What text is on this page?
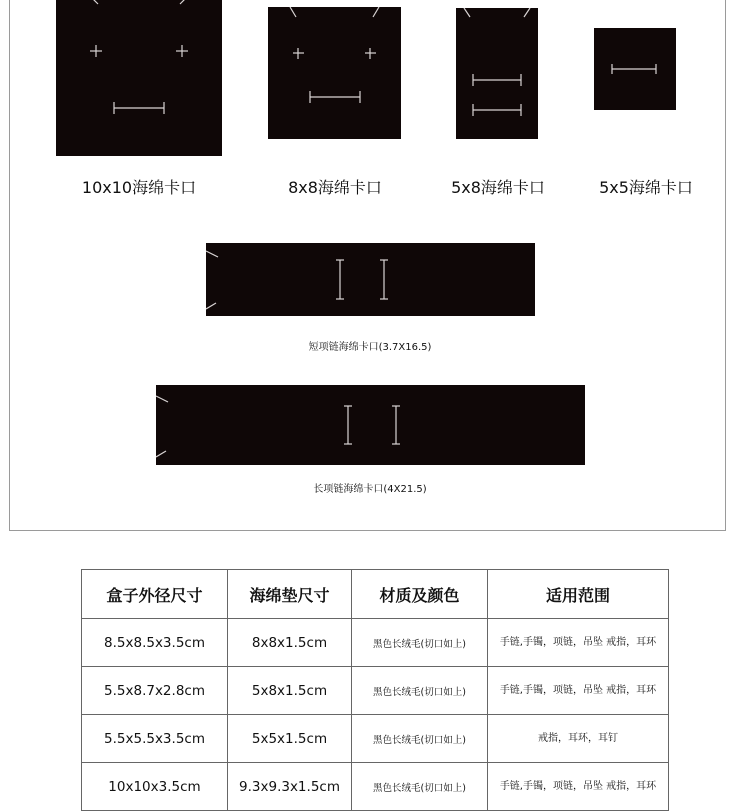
10x10海绵卡口	8x8海绵卡口	5x8海绵卡口	5x5海绵卡口
短项链海绵卡口(3.7X16.5)
长项链海绵卡口(4X21.5)
盒子外径尺寸	海绵垫尺寸	材质及颜色	适用范围
8.5x8.5x3.5cm	8x8x1.5cm	黑色长绒毛(切口如上)	手链,手镯，项链，吊坠 戒指，耳环
5.5x8.7x2.8cm	5x8x1.5cm	黑色长绒毛(切口如上)	手链,手镯，项链，吊坠 戒指，耳环
5.5x5.5x3.5cm	5x5x1.5cm	黑色长绒毛(切口如上)	戒指，耳环，耳钉
10x10x3.5cm	9.3x9.3x1.5cm	黑色长绒毛(切口如上)	手链,手镯，项链，吊坠 戒指，耳环
